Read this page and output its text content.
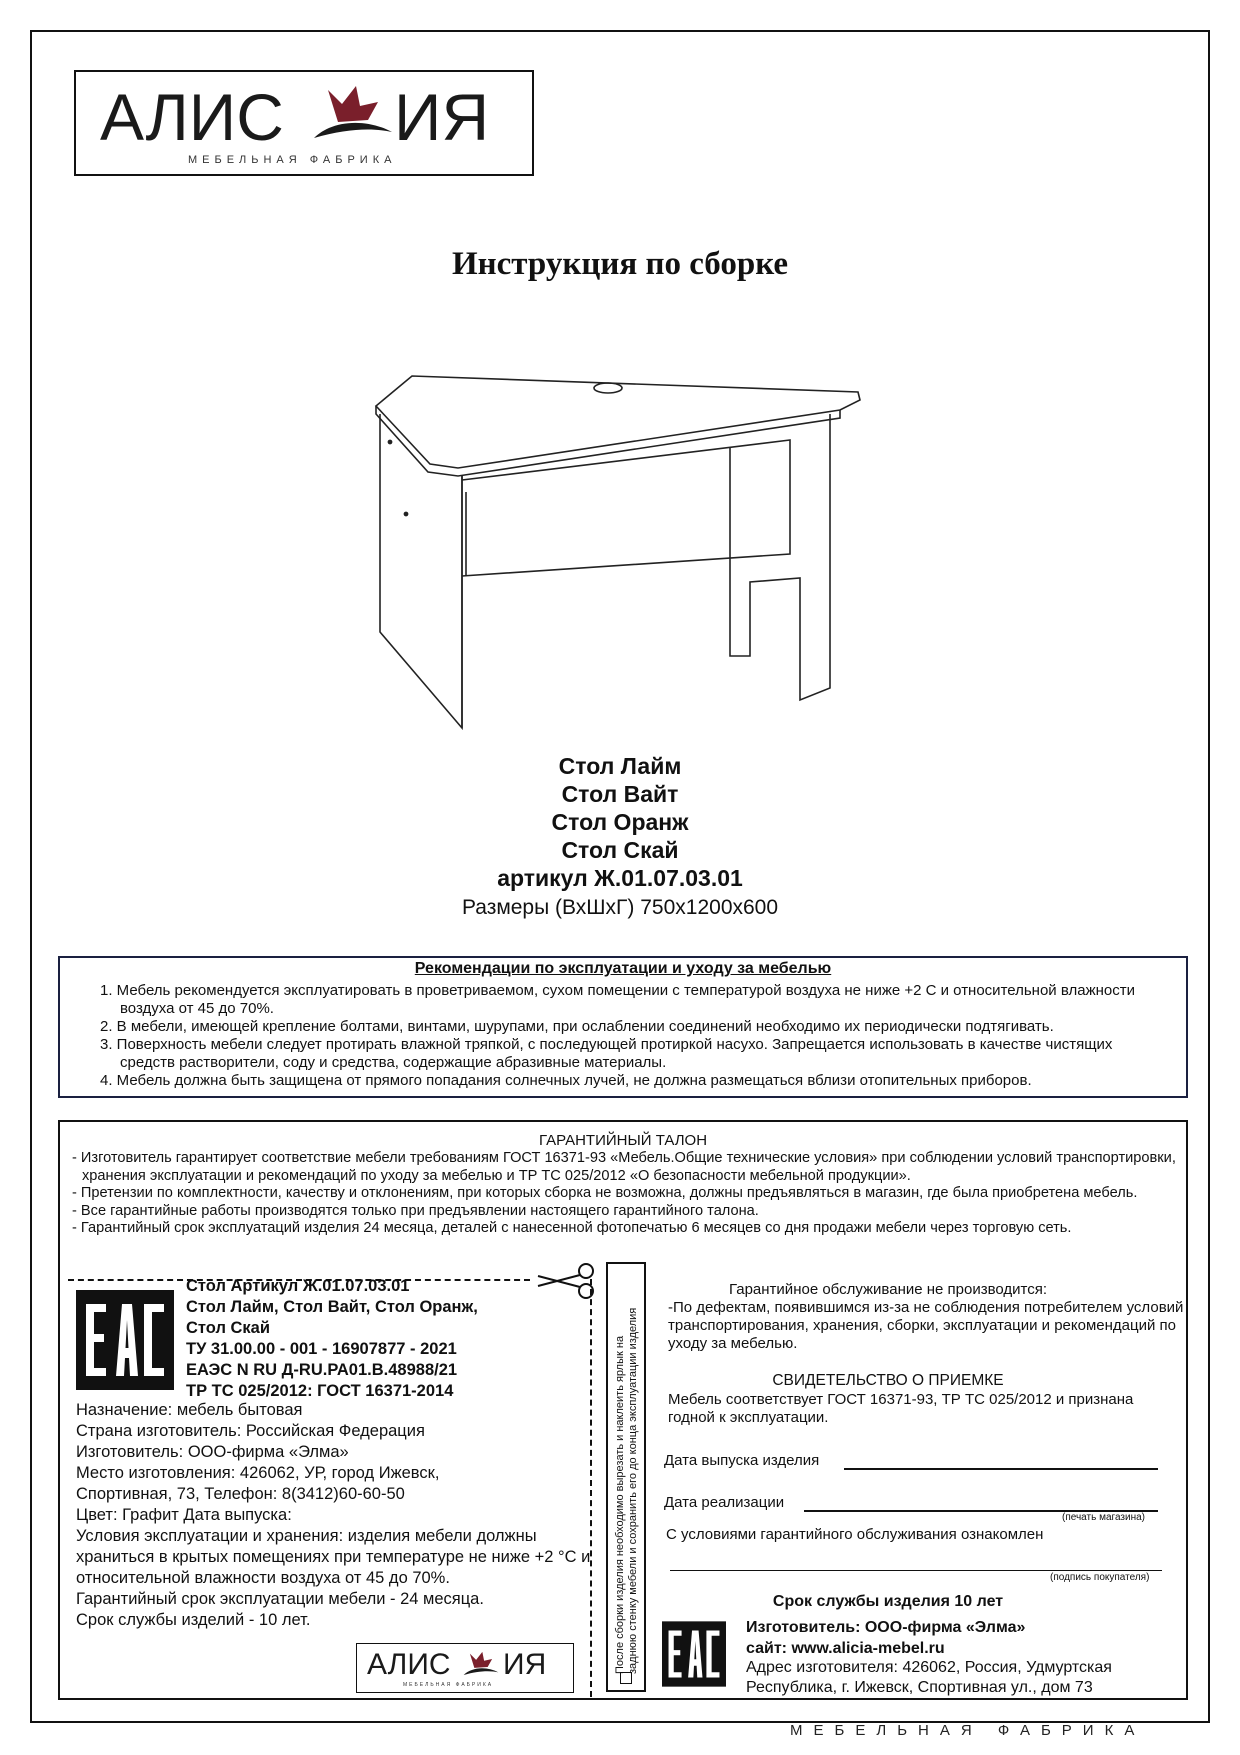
АЛИС ИЯ
МЕБЕЛЬНАЯ ФАБРИКА
Инструкция по сборке
Стол Лайм
Стол Вайт
Стол Оранж
Стол Скай
артикул Ж.01.07.03.01
Размеры (ВхШхГ) 750х1200х600
Рекомендации по эксплуатации и уходу за мебелью
1. Мебель рекомендуется эксплуатировать в проветриваемом, сухом помещении с температурой воздуха не ниже +2 С и относительной влажности воздуха от 45 до 70%.
2. В мебели, имеющей крепление болтами, винтами, шурупами, при ослаблении соединений необходимо их периодически подтягивать.
3. Поверхность мебели следует протирать влажной тряпкой, с последующей протиркой насухо. Запрещается использовать в качестве чистящих средств растворители, соду и средства, содержащие абразивные материалы.
4. Мебель должна быть защищена от прямого попадания солнечных лучей, не должна размещаться вблизи отопительных приборов.
ГАРАНТИЙНЫЙ ТАЛОН
- Изготовитель гарантирует соответствие мебели требованиям ГОСТ 16371-93 «Мебель.Общие технические условия» при соблюдении условий транспортировки, хранения эксплуатации и рекомендаций по уходу за мебелью и ТР ТС 025/2012 «О безопасности мебельной продукции».
- Претензии по комплектности, качеству и отклонениям, при которых сборка не возможна, должны предъявляться в магазин, где была приобретена мебель.
- Все гарантийные работы производятся только при предъявлении настоящего гарантийного талона.
- Гарантийный срок эксплуатаций изделия 24 месяца, деталей с нанесенной фотопечатью 6 месяцев со дня продажи мебели через торговую сеть.
Стол Артикул Ж.01.07.03.01
Стол Лайм, Стол Вайт, Стол Оранж,
Стол Скай
ТУ 31.00.00 - 001 - 16907877 - 2021
ЕАЭС N RU Д-RU.РА01.В.48988/21
ТР ТС 025/2012: ГОСТ 16371-2014
Назначение: мебель бытовая
Страна изготовитель: Российская Федерация
Изготовитель: ООО-фирма «Элма»
Место изготовления: 426062, УР, город Ижевск,
Спортивная, 73, Телефон: 8(3412)60-60-50
Цвет: Графит Дата выпуска:
Условия эксплуатации и хранения: изделия мебели должны храниться в крытых помещениях при температуре не ниже +2 °С и относительной влажности воздуха от 45 до 70%.
Гарантийный срок эксплуатации мебели - 24 месяца.
Срок службы изделий - 10 лет.
АЛИС ИЯ
МЕБЕЛЬНАЯ ФАБРИКА
После сборки изделия необходимо вырезать и наклеить ярлык на заднюю стенку мебели и сохранить его до конца эксплуатации изделия
Гарантийное обслуживание не производится:
-По дефектам, появившимся из-за не соблюдения потребителем условий транспортирования, хранения, сборки, эксплуатации и рекомендаций по уходу за мебелью.
СВИДЕТЕЛЬСТВО О ПРИЕМКЕ
Мебель соответствует ГОСТ 16371-93, ТР ТС 025/2012 и признана годной к эксплуатации.
Дата выпуска изделия
Дата реализации
(печать магазина)
С условиями гарантийного обслуживания ознакомлен
(подпись покупателя)
Срок службы изделия 10 лет
Изготовитель: ООО-фирма «Элма»
сайт: www.alicia-mebel.ru
Адрес изготовителя: 426062, Россия, Удмуртская Республика, г. Ижевск, Спортивная ул., дом 73
МЕБЕЛЬНАЯ ФАБРИКА
